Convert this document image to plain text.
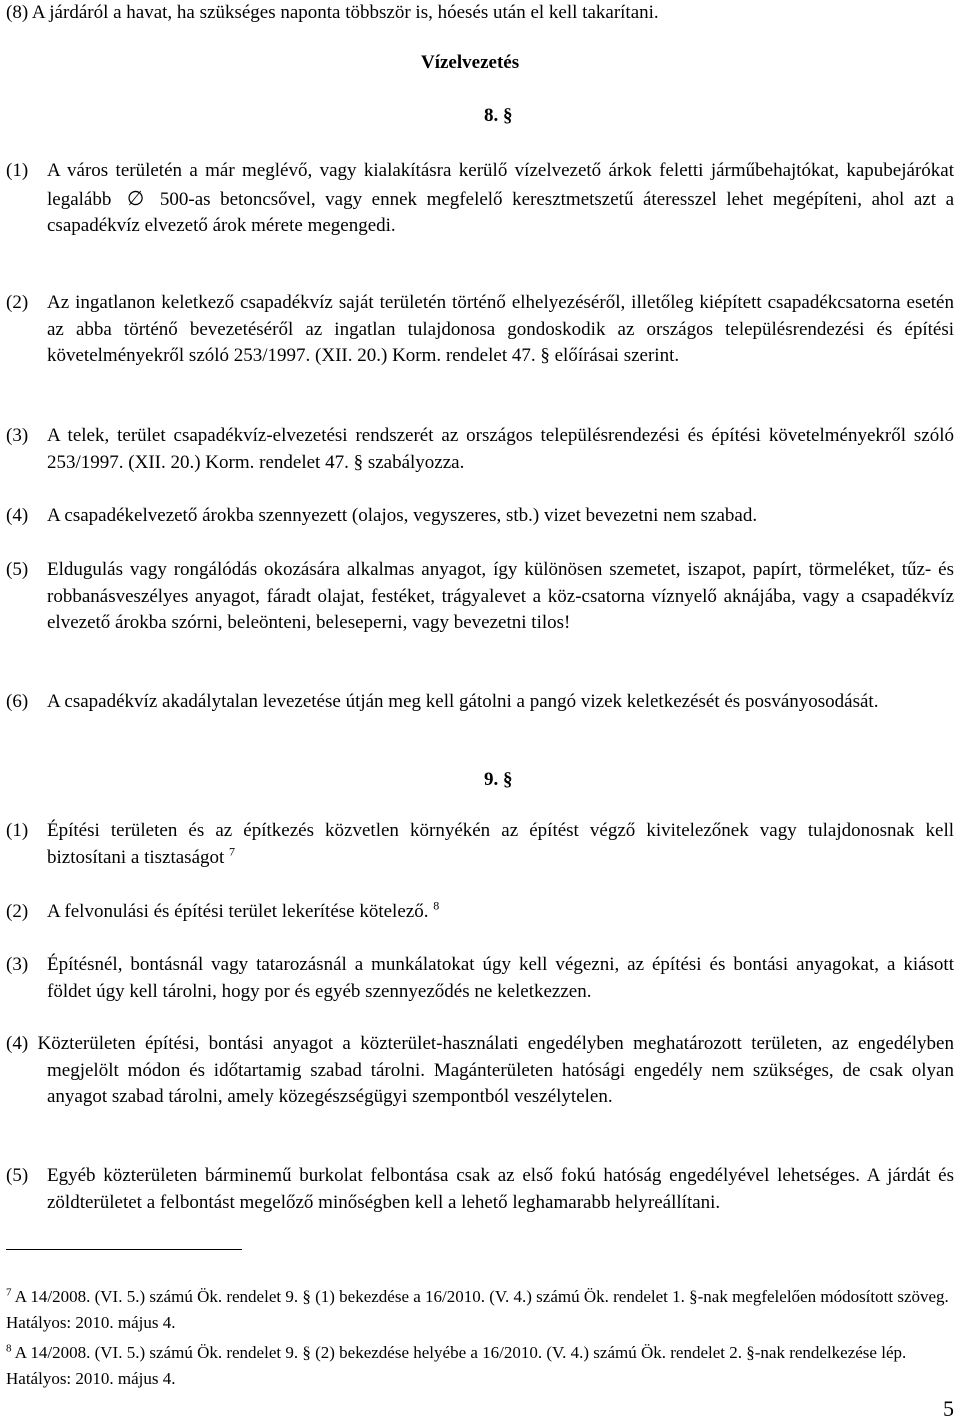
(8) A járdáról a havat, ha szükséges naponta többször is, hóesés után el kell takarítani.
Vízelvezetés
8. §
(1) A város területén a már meglévő, vagy kialakításra kerülő vízelvezető árkok feletti járműbehajtókat, kapubejárókat legalább ∅ 500-as betoncsővel, vagy ennek megfelelő keresztmetszetű áteresszel lehet megépíteni, ahol azt a csapadékvíz elvezető árok mérete megengedi.
(2) Az ingatlanon keletkező csapadékvíz saját területén történő elhelyezéséről, illetőleg kiépített csapadékcsatorna esetén az abba történő bevezetéséről az ingatlan tulajdonosa gondoskodik az országos településrendezési és építési követelményekről szóló 253/1997. (XII. 20.) Korm. rendelet 47. § előírásai szerint.
(3) A telek, terület csapadékvíz-elvezetési rendszerét az országos településrendezési és építési követelményekről szóló 253/1997. (XII. 20.) Korm. rendelet 47. § szabályozza.
(4) A csapadékelvezető árokba szennyezett (olajos, vegyszeres, stb.) vizet bevezetni nem szabad.
(5) Eldugulás vagy rongálódás okozására alkalmas anyagot, így különösen szemetet, iszapot, papírt, törmeléket, tűz- és robbanásveszélyes anyagot, fáradt olajat, festéket, trágyalevet a köz-csatorna víznyelő aknájába, vagy a csapadékvíz elvezető árokba szórni, beleönteni, beleseperni, vagy bevezetni tilos!
(6) A csapadékvíz akadálytalan levezetése útján meg kell gátolni a pangó vizek keletkezését és posványosodását.
9. §
(1) Építési területen és az építkezés közvetlen környékén az építést végző kivitelezőnek vagy tulajdonosnak kell biztosítani a tisztaságot $^7$
(2) A felvonulási és építési terület lekerítése kötelező. $^8$
(3) Építésnél, bontásnál vagy tatarozásnál a munkálatokat úgy kell végezni, az építési és bontási anyagokat, a kiásott földet úgy kell tárolni, hogy por és egyéb szennyeződés ne keletkezzen.
(4) Közterületen építési, bontási anyagot a közterület-használati engedélyben meghatározott területen, az engedélyben megjelölt módon és időtartamig szabad tárolni. Magánterületen hatósági engedély nem szükséges, de csak olyan anyagot szabad tárolni, amely közegészségügyi szempontból veszélytelen.
(5) Egyéb közterületen bárminemű burkolat felbontása csak az első fokú hatóság engedélyével lehetséges. A járdát és zöldterületet a felbontást megelőző minőségben kell a lehető leghamarabb helyreállítani.
$^7$ A 14/2008. (VI. 5.) számú Ök. rendelet 9. § (1) bekezdése a 16/2010. (V. 4.) számú Ök. rendelet 1. §-nak megfelelően módosított szöveg. Hatályos: 2010. május 4.
$^8$ A 14/2008. (VI. 5.) számú Ök. rendelet 9. § (2) bekezdése helyébe a 16/2010. (V. 4.) számú Ök. rendelet 2. §-nak rendelkezése lép. Hatályos: 2010. május 4.
5
